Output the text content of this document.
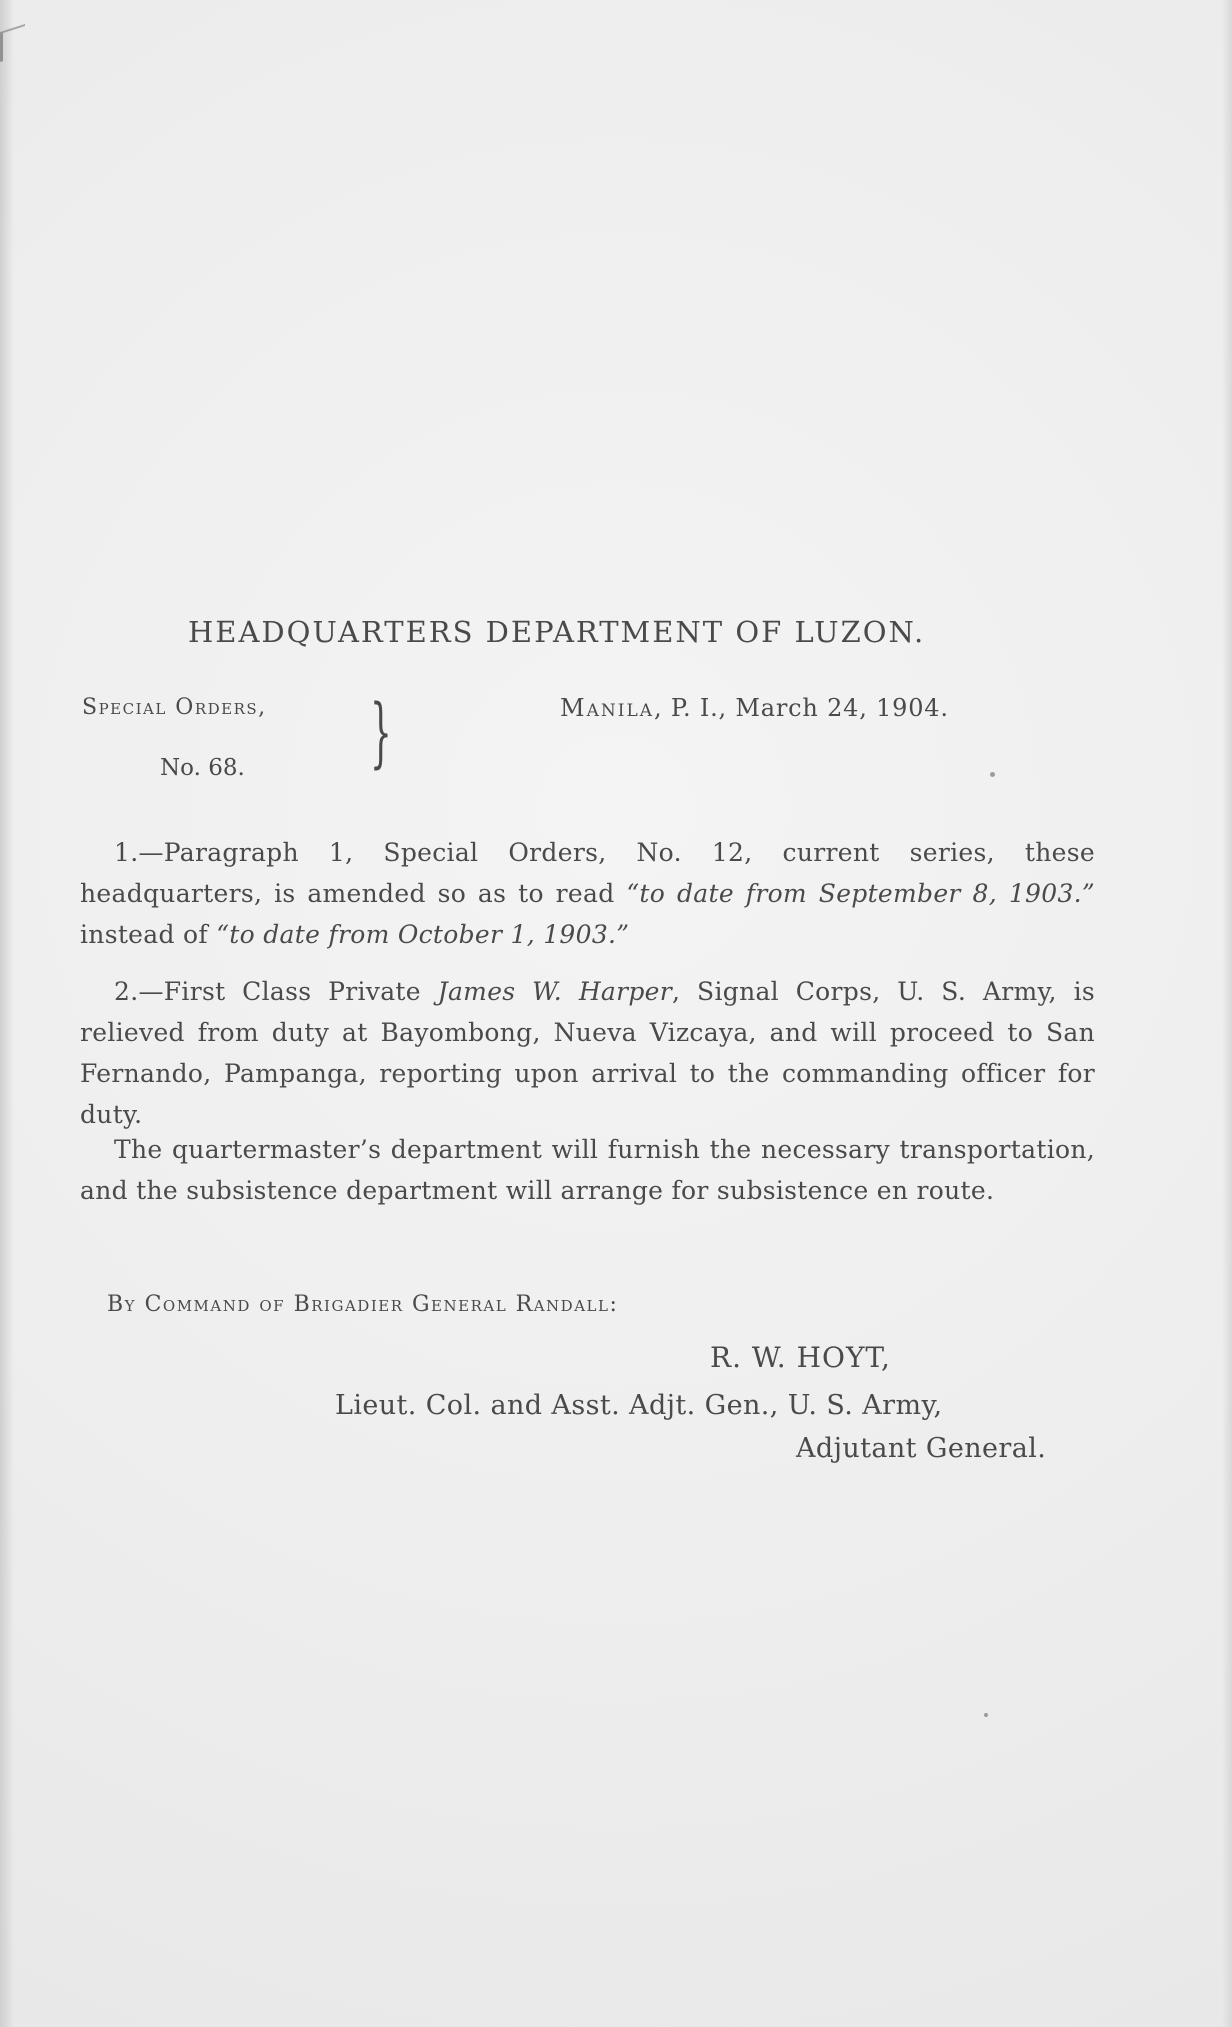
HEADQUARTERS DEPARTMENT OF LUZON.
Special Orders,
No. 68. }	Manila, P. I., March 24, 1904.
1.—Paragraph 1, Special Orders, No. 12, current series, these headquarters, is amended so as to read “to date from September 8, 1903.” instead of “to date from October 1, 1903.”
2.—First Class Private James W. Harper, Signal Corps, U. S. Army, is relieved from duty at Bayombong, Nueva Vizcaya, and will proceed to San Fernando, Pampanga, reporting upon arrival to the commanding officer for duty.
The quartermaster’s department will furnish the necessary transportation, and the subsistence department will arrange for subsistence en route.
By Command of Brigadier General Randall:
R. W. HOYT,
Lieut. Col. and Asst. Adjt. Gen., U. S. Army,
Adjutant General.
